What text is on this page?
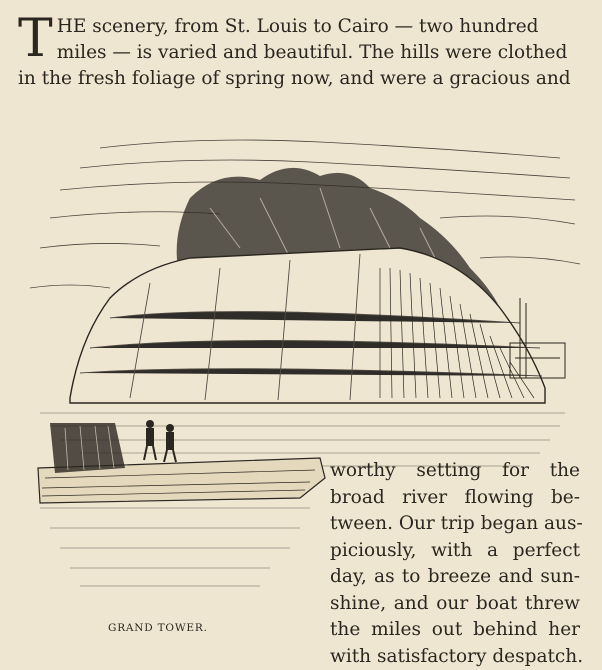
T HE scenery, from St. Louis to Cairo — two hundred miles — is varied and beautiful. The hills were clothed in the fresh foliage of spring now, and were a gracious and
GRAND TOWER.
worthy setting for the
broad river flowing be-
tween. Our trip began aus-
piciously, with a perfect
day, as to breeze and sun-
shine, and our boat threw
the miles out behind her
with satisfactory despatch.
